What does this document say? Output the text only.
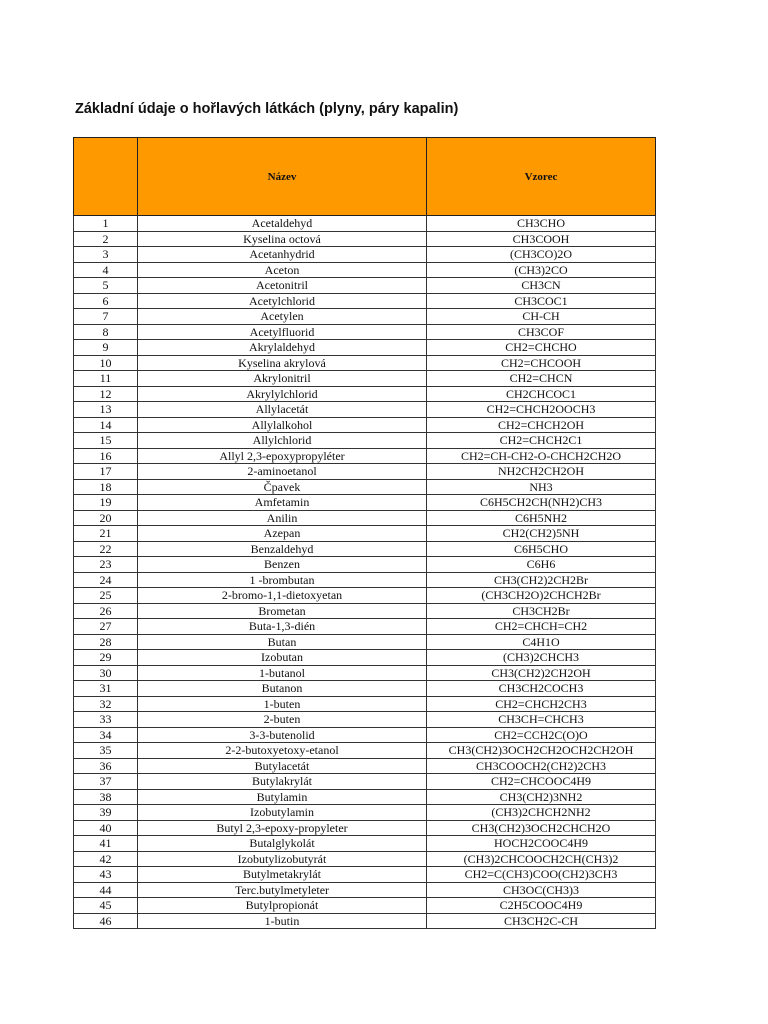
Základní údaje o hořlavých látkách (plyny, páry kapalin)
	Název	Vzorec
1	Acetaldehyd	CH3CHO
2	Kyselina octová	CH3COOH
3	Acetanhydrid	(CH3CO)2O
4	Aceton	(CH3)2CO
5	Acetonitril	CH3CN
6	Acetylchlorid	CH3COC1
7	Acetylen	CH-CH
8	Acetylfluorid	CH3COF
9	Akrylaldehyd	CH2=CHCHO
10	Kyselina akrylová	CH2=CHCOOH
11	Akrylonitril	CH2=CHCN
12	Akrylylchlorid	CH2CHCOC1
13	Allylacetát	CH2=CHCH2OOCH3
14	Allylalkohol	CH2=CHCH2OH
15	Allylchlorid	CH2=CHCH2C1
16	Allyl 2,3-epoxypropyléter	CH2=CH-CH2-O-CHCH2CH2O
17	2-aminoetanol	NH2CH2CH2OH
18	Čpavek	NH3
19	Amfetamin	C6H5CH2CH(NH2)CH3
20	Anilin	C6H5NH2
21	Azepan	CH2(CH2)5NH
22	Benzaldehyd	C6H5CHO
23	Benzen	C6H6
24	1 -brombutan	CH3(CH2)2CH2Br
25	2-bromo-1,1-dietoxyetan	(CH3CH2O)2CHCH2Br
26	Brometan	CH3CH2Br
27	Buta-1,3-dién	CH2=CHCH=CH2
28	Butan	C4H1O
29	Izobutan	(CH3)2CHCH3
30	1-butanol	CH3(CH2)2CH2OH
31	Butanon	CH3CH2COCH3
32	1-buten	CH2=CHCH2CH3
33	2-buten	CH3CH=CHCH3
34	3-3-butenolid	CH2=CCH2C(O)O
35	2-2-butoxyetoxy-etanol	CH3(CH2)3OCH2CH2OCH2CH2OH
36	Butylacetát	CH3COOCH2(CH2)2CH3
37	Butylakrylát	CH2=CHCOOC4H9
38	Butylamin	CH3(CH2)3NH2
39	Izobutylamin	(CH3)2CHCH2NH2
40	Butyl 2,3-epoxy-propyleter	CH3(CH2)3OCH2CHCH2O
41	Butalglykolát	HOCH2COOC4H9
42	Izobutylizobutyrát	(CH3)2CHCOOCH2CH(CH3)2
43	Butylmetakrylát	CH2=C(CH3)COO(CH2)3CH3
44	Terc.butylmetyleter	CH3OC(CH3)3
45	Butylpropionát	C2H5COOC4H9
46	1-butin	CH3CH2C-CH
